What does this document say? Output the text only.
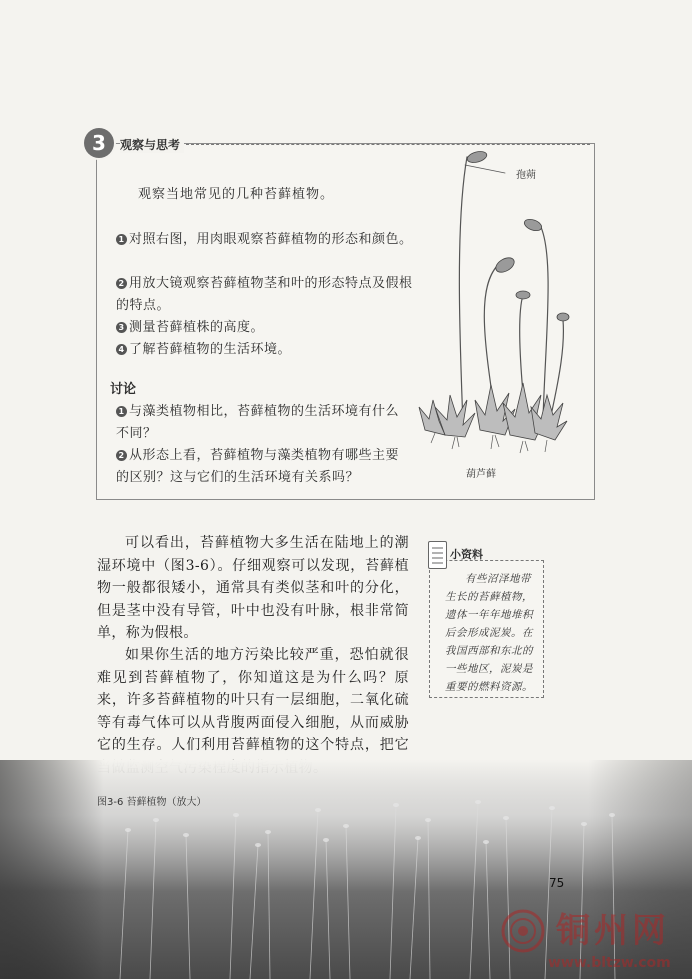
3	观察与思考
观察当地常见的几种苔藓植物。
1 对照右图，用肉眼观察苔藓植物的形态和颜色。
2 用放大镜观察苔藓植物茎和叶的形态特点及假根的特点。
3 测量苔藓植株的高度。
4 了解苔藓植物的生活环境。
讨论
1 与藻类植物相比，苔藓植物的生活环境有什么不同？
2 从形态上看，苔藓植物与藻类植物有哪些主要的区别？这与它们的生活环境有关系吗？
孢蒴
葫芦藓
可以看出，苔藓植物大多生活在陆地上的潮湿环境中（图3-6）。仔细观察可以发现，苔藓植物一般都很矮小，通常具有类似茎和叶的分化，但是茎中没有导管，叶中也没有叶脉，根非常简单，称为假根。
如果你生活的地方污染比较严重，恐怕就很难见到苔藓植物了，你知道这是为什么吗？原来，许多苔藓植物的叶只有一层细胞，二氧化硫等有毒气体可以从背腹两面侵入细胞，从而威胁它的生存。人们利用苔藓植物的这个特点，把它
小资料
有些沼泽地带生长的苔藓植物，遗体一年年地堆积后会形成泥炭。在我国西部和东北的一些地区，泥炭是重要的燃料资源。
图3-6 苔藓植物（放大）
75
铜州网
www.bltzw.com
